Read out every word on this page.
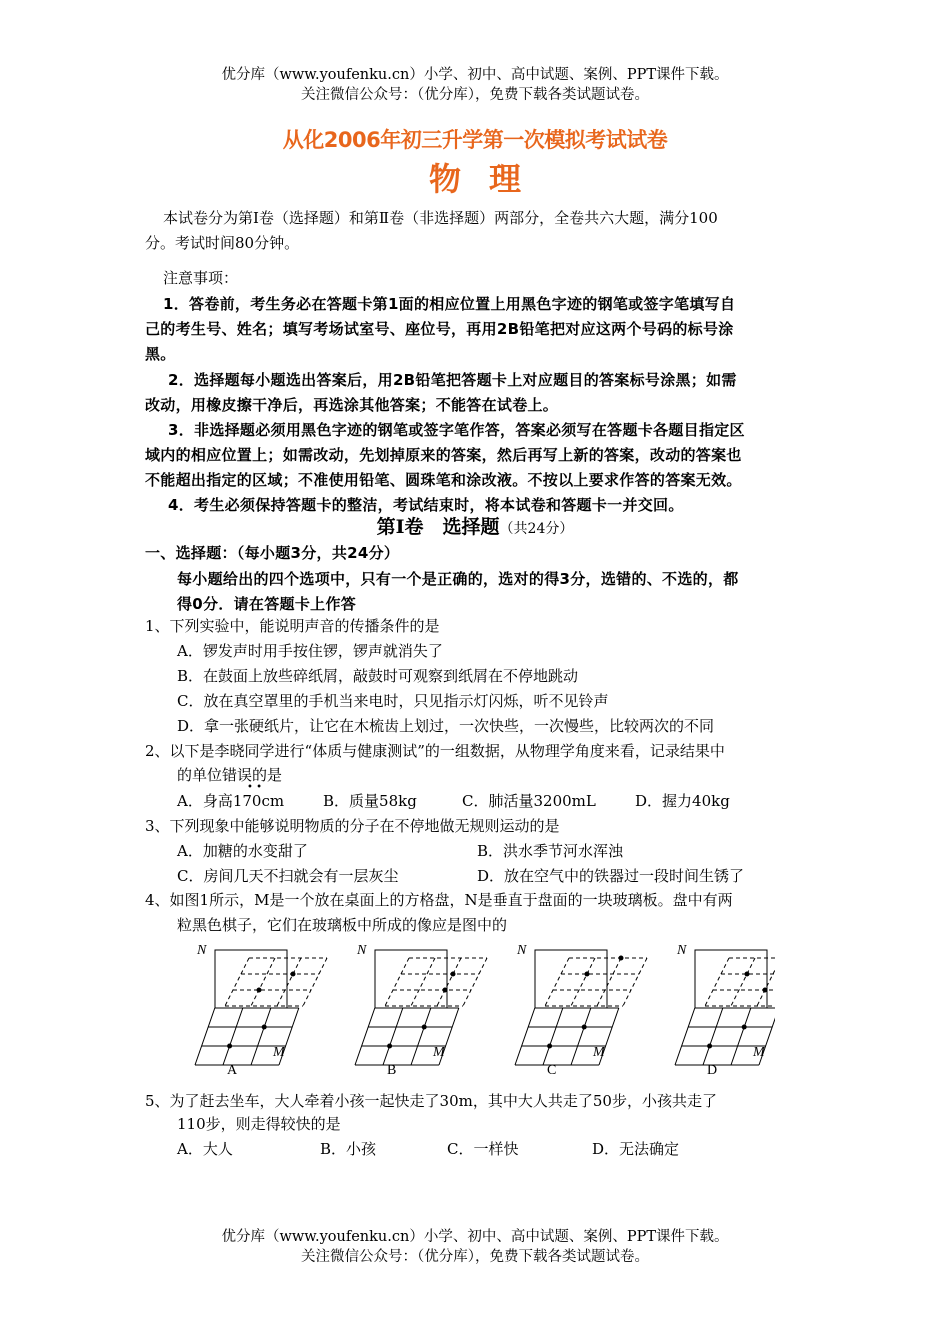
优分库（www.youfenku.cn）小学、初中、高中试题、案例、PPT课件下载。
关注微信公众号：（优分库），免费下载各类试题试卷。
从化2006年初三升学第一次模拟考试试卷
物理
本试卷分为第Ⅰ卷（选择题）和第Ⅱ卷（非选择题）两部分，全卷共六大题，满分100
分。考试时间80分钟。
注意事项：
1．答卷前，考生务必在答题卡第1面的相应位置上用黑色字迹的钢笔或签字笔填写自
己的考生号、姓名；填写考场试室号、座位号，再用2B铅笔把对应这两个号码的标号涂
黑。
2．选择题每小题选出答案后，用2B铅笔把答题卡上对应题目的答案标号涂黑；如需
改动，用橡皮擦干净后，再选涂其他答案；不能答在试卷上。
3．非选择题必须用黑色字迹的钢笔或签字笔作答，答案必须写在答题卡各题目指定区
域内的相应位置上；如需改动，先划掉原来的答案，然后再写上新的答案，改动的答案也
不能超出指定的区域；不准使用铅笔、圆珠笔和涂改液。不按以上要求作答的答案无效。
4．考生必须保持答题卡的整洁，考试结束时，将本试卷和答题卡一并交回。
第Ⅰ卷　选择题（共24分）
一、选择题：（每小题3分，共24分）
每小题给出的四个选项中，只有一个是正确的，选对的得3分，选错的、不选的，都
得0分．请在答题卡上作答
1、下列实验中，能说明声音的传播条件的是
A．锣发声时用手按住锣，锣声就消失了
B．在鼓面上放些碎纸屑，敲鼓时可观察到纸屑在不停地跳动
C．放在真空罩里的手机当来电时，只见指示灯闪烁，听不见铃声
D．拿一张硬纸片，让它在木梳齿上划过，一次快些，一次慢些，比较两次的不同
2、以下是李晓同学进行“体质与健康测试”的一组数据，从物理学角度来看，记录结果中
的单位错误的是
• •
A．身高170cm	B．质量58kg	C．肺活量3200mL	D．握力40kg
3、下列现象中能够说明物质的分子在不停地做无规则运动的是
A．加糖的水变甜了	B．洪水季节河水浑浊
C．房间几天不扫就会有一层灰尘	D．放在空气中的铁器过一段时间生锈了
4、如图1所示，M是一个放在桌面上的方格盘，N是垂直于盘面的一块玻璃板。盘中有两
粒黑色棋子，它们在玻璃板中所成的像应是图中的
N
M
A
N
M
B
N
M
C
N
M
D
5、为了赶去坐车，大人牵着小孩一起快走了30m，其中大人共走了50步，小孩共走了
110步，则走得较快的是
A．大人	B．小孩	C．一样快	D．无法确定
优分库（www.youfenku.cn）小学、初中、高中试题、案例、PPT课件下载。
关注微信公众号：（优分库），免费下载各类试题试卷。
